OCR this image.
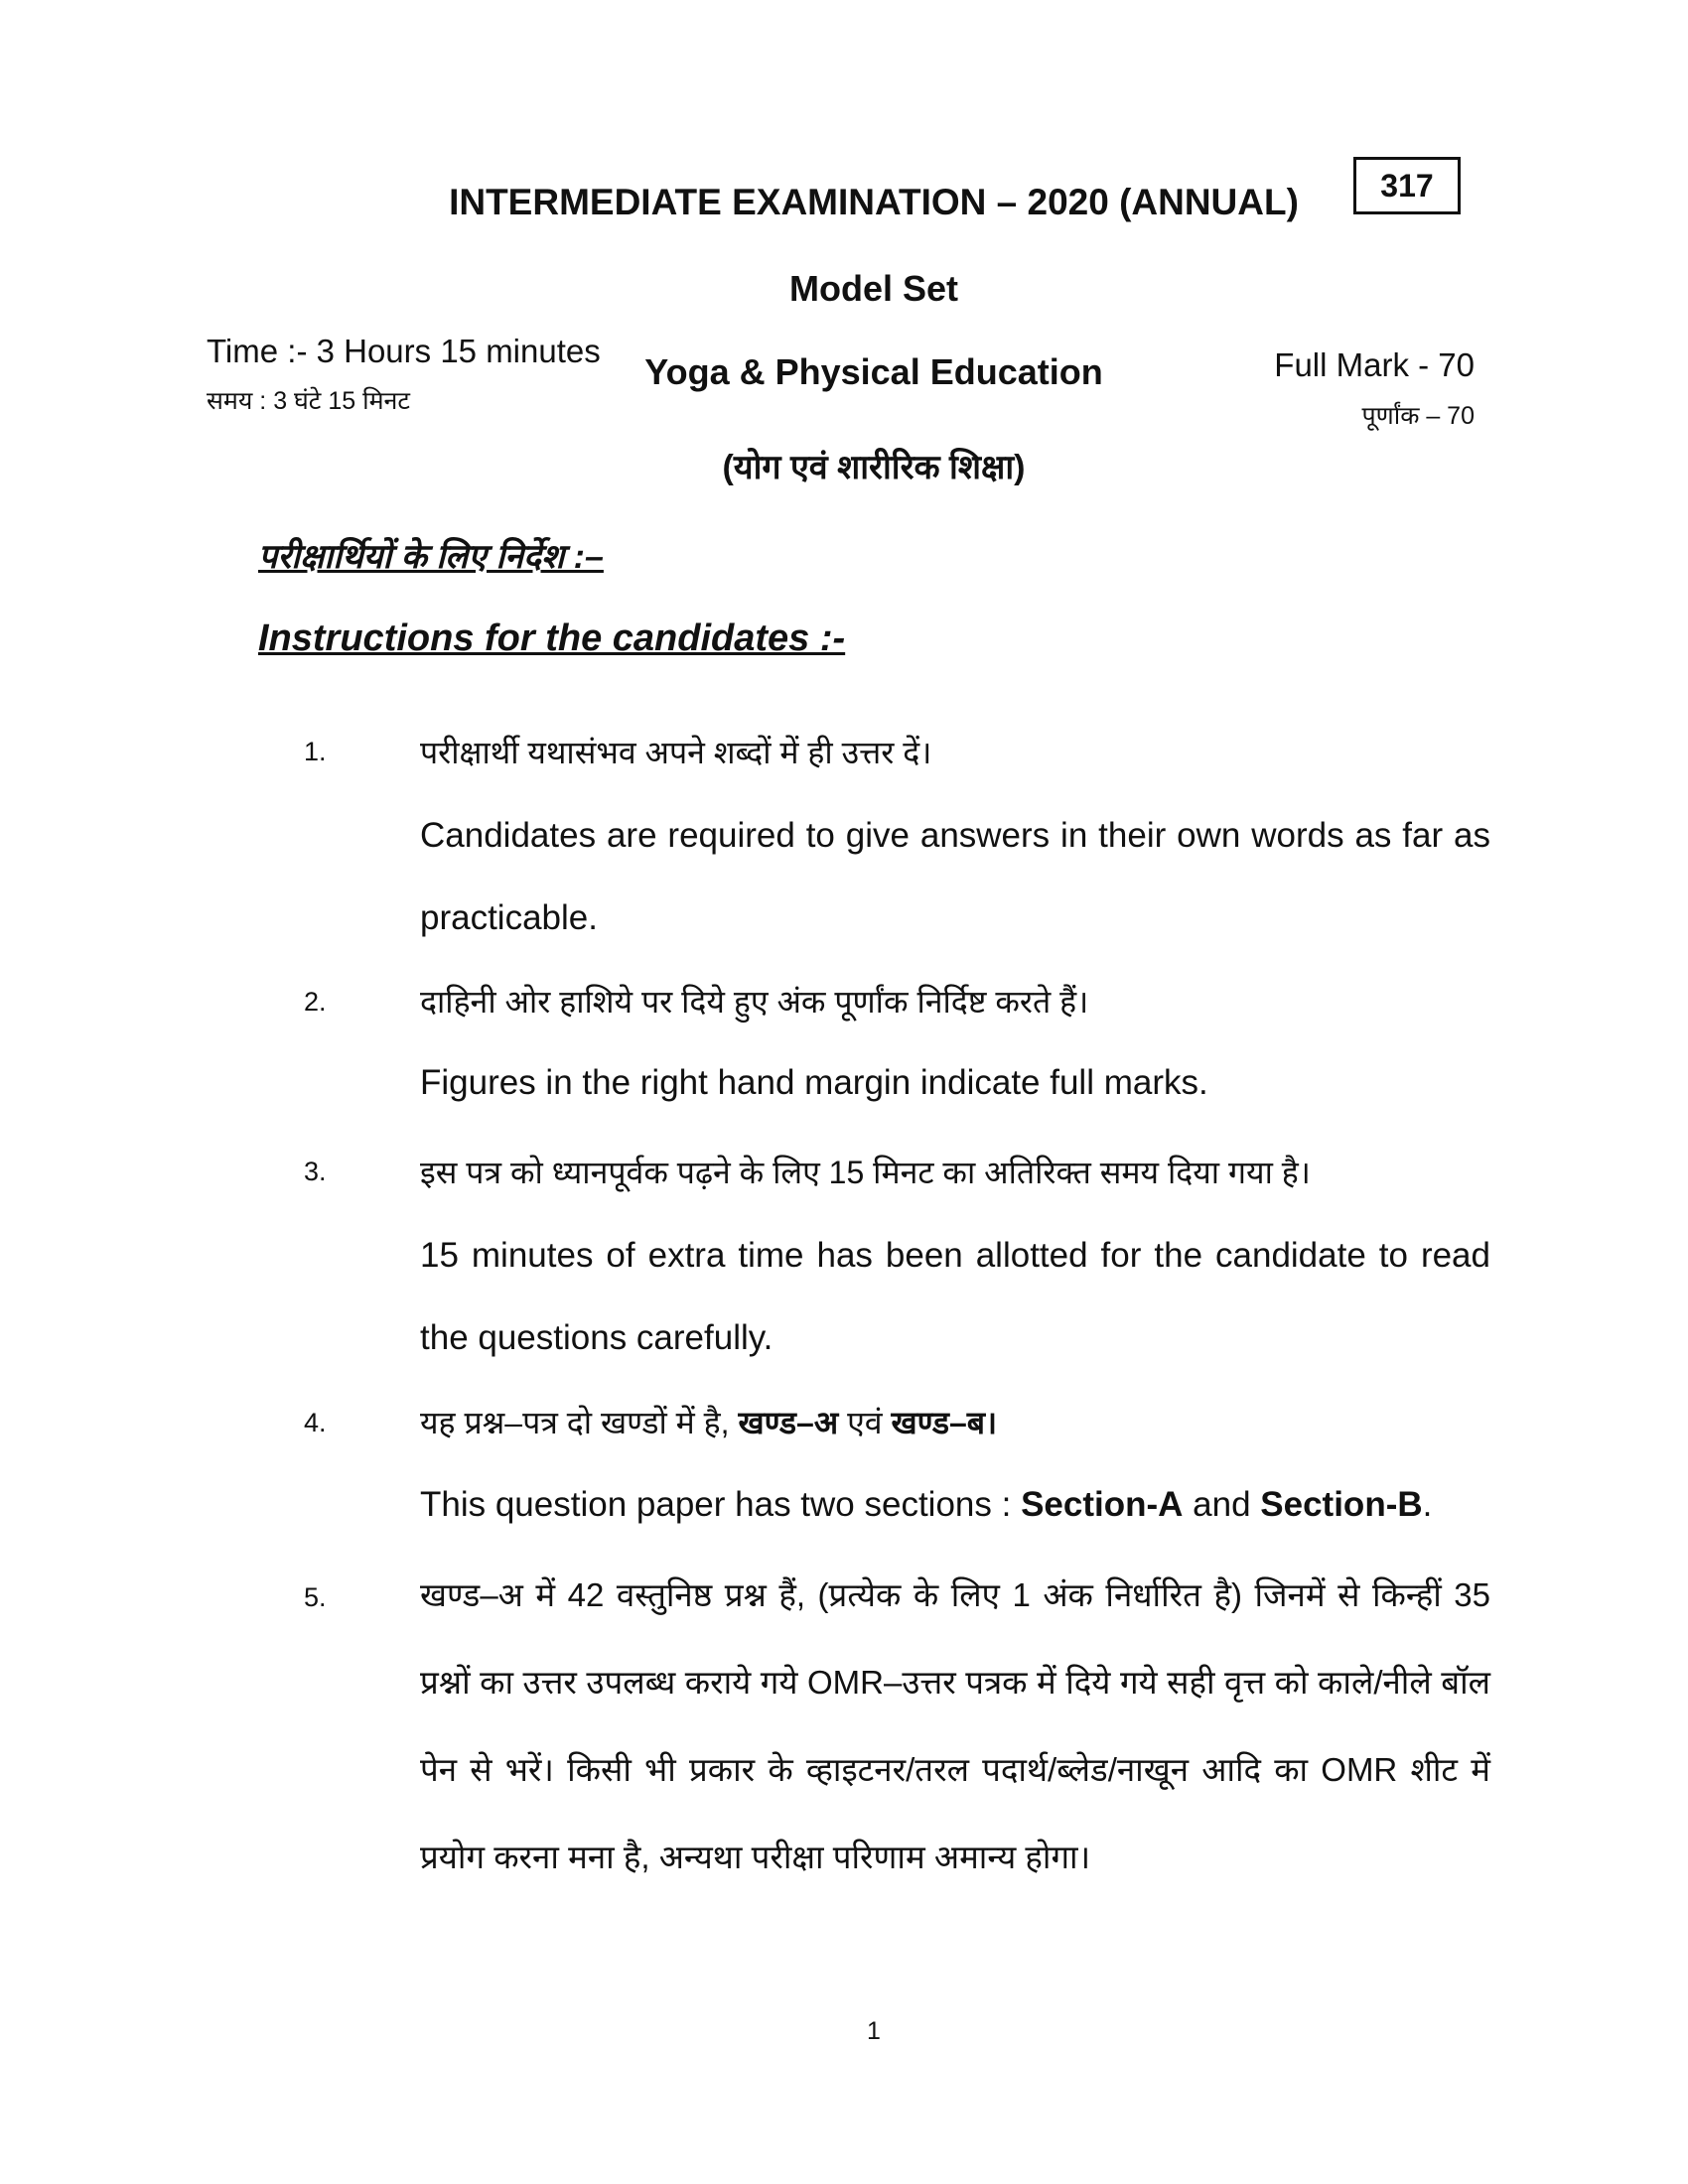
317
INTERMEDIATE EXAMINATION – 2020 (ANNUAL)
Model Set
Time :- 3 Hours 15 minutes
समय : 3 घंटे 15 मिनट
Yoga & Physical Education	Full Mark - 70
पूर्णांक – 70
(योग एवं शारीरिक शिक्षा)
परीक्षार्थियों के लिए निर्देश :–
Instructions for the candidates :-
1.	परीक्षार्थी यथासंभव अपने शब्दों में ही उत्तर दें।
Candidates are required to give answers in their own words as far as practicable.
2.	दाहिनी ओर हाशिये पर दिये हुए अंक पूर्णांक निर्दिष्ट करते हैं।
Figures in the right hand margin indicate full marks.
3.	इस पत्र को ध्यानपूर्वक पढ़ने के लिए 15 मिनट का अतिरिक्त समय दिया गया है।
15 minutes of extra time has been allotted for the candidate to read the questions carefully.
4.	यह प्रश्न–पत्र दो खण्डों में है, खण्ड–अ एवं खण्ड–ब।
This question paper has two sections : Section-A and Section-B.
5.	खण्ड–अ में 42 वस्तुनिष्ठ प्रश्न हैं, (प्रत्येक के लिए 1 अंक निर्धारित है) जिनमें से किन्हीं 35 प्रश्नों का उत्तर उपलब्ध कराये गये OMR–उत्तर पत्रक में दिये गये सही वृत्त को काले/नीले बॉल पेन से भरें। किसी भी प्रकार के व्हाइटनर/तरल पदार्थ/ब्लेड/नाखून आदि का OMR शीट में प्रयोग करना मना है, अन्यथा परीक्षा परिणाम अमान्य होगा।
1
